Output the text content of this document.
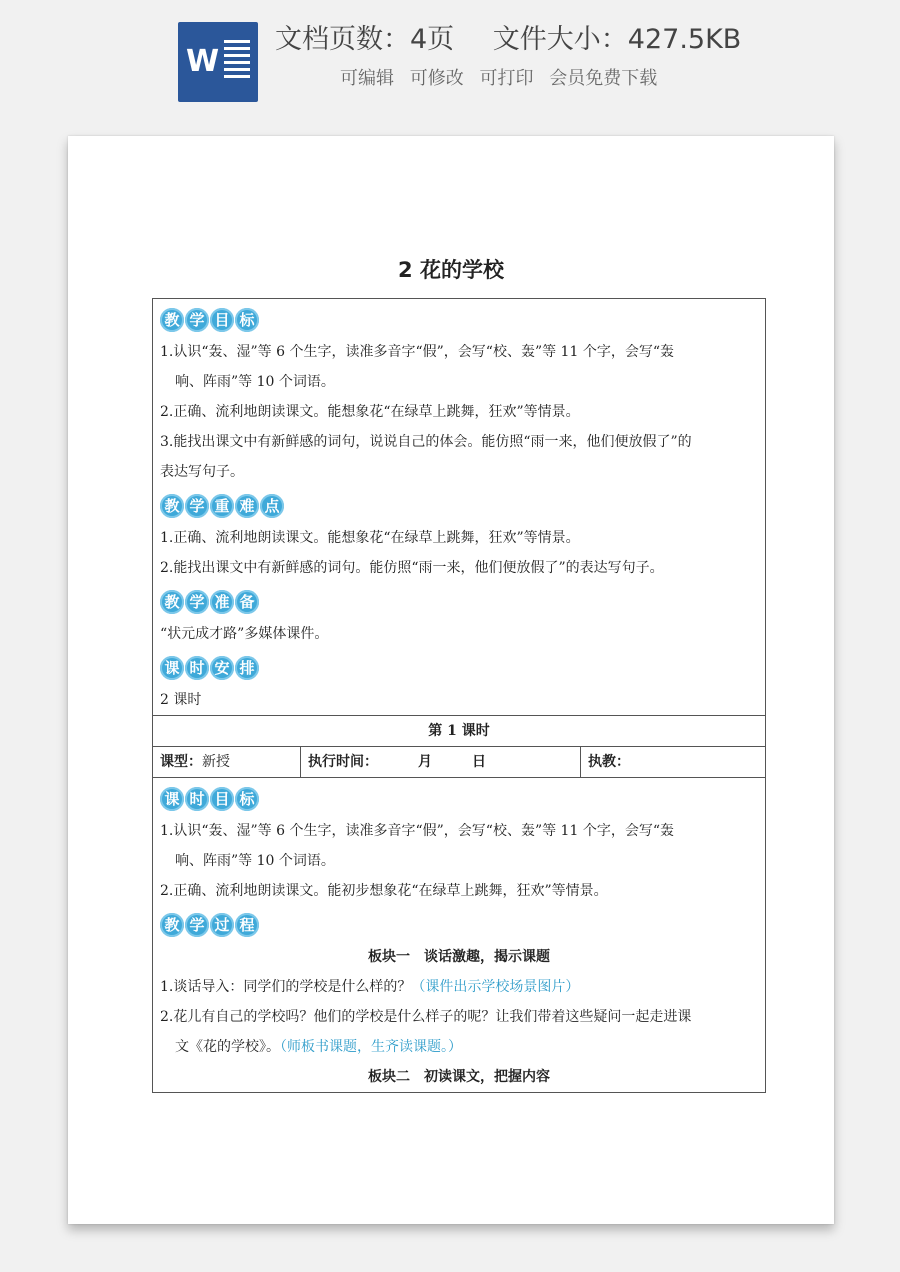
W
文档页数：4页 文件大小：427.5KB
可编辑 可修改 可打印 会员免费下载
2 花的学校
教 学 目 标

1.认识“轰、湿”等 6 个生字，读准多音字“假”，会写“校、轰”等 11 个字，会写“轰

响、阵雨”等 10 个词语。

2.正确、流利地朗读课文。能想象花“在绿草上跳舞，狂欢”等情景。

3.能找出课文中有新鲜感的词句，说说自己的体会。能仿照“雨一来，他们便放假了”的

表达写句子。

教 学 重 难 点

1.正确、流利地朗读课文。能想象花“在绿草上跳舞，狂欢”等情景。

2.能找出课文中有新鲜感的词句。能仿照“雨一来，他们便放假了”的表达写句子。

教 学 准 备

“状元成才路”多媒体课件。

课 时 安 排

2 课时

第 1 课时
课型：新授	执行时间：	月	日	执教：
课 时 目 标

1.认识“轰、湿”等 6 个生字，读准多音字“假”，会写“校、轰”等 11 个字，会写“轰

响、阵雨”等 10 个词语。

2.正确、流利地朗读课文。能初步想象花“在绿草上跳舞，狂欢”等情景。

教 学 过 程

板块一　谈话激趣，揭示课题

1.谈话导入：同学们的学校是什么样的？（课件出示学校场景图片）

2.花儿有自己的学校吗？他们的学校是什么样子的呢？让我们带着这些疑问一起走进课

文《花的学校》。（师板书课题，生齐读课题。）

板块二　初读课文，把握内容
